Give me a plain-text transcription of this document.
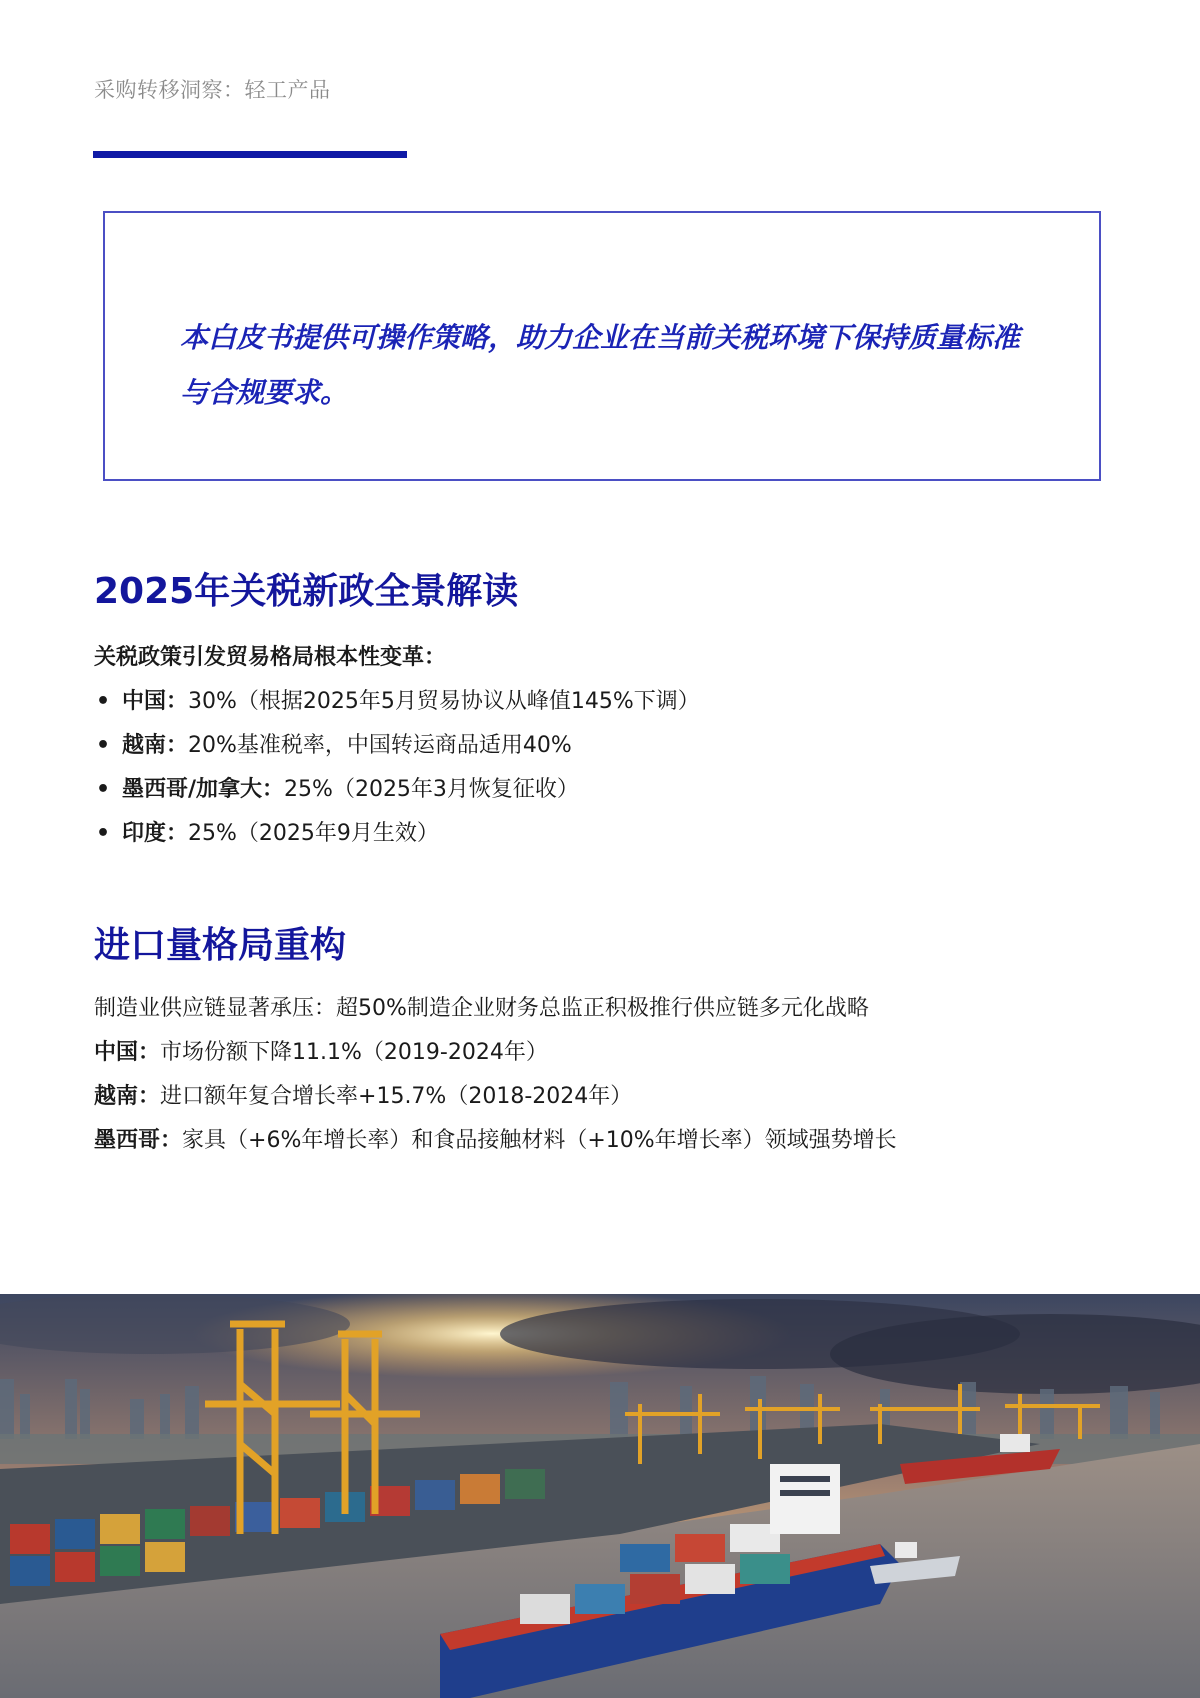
采购转移洞察：轻工产品

本白皮书提供可操作策略，助力企业在当前关税环境下保持质量标准与合规要求。

2025年关税新政全景解读

关税政策引发贸易格局根本性变革：

• 中国：30%（根据2025年5月贸易协议从峰值145%下调）
• 越南：20%基准税率，中国转运商品适用40%
• 墨西哥/加拿大：25%（2025年3月恢复征收）
• 印度：25%（2025年9月生效）
进口量格局重构

制造业供应链显著承压：超50%制造企业财务总监正积极推行供应链多元化战略

中国：市场份额下降11.1%（2019-2024年）

越南：进口额年复合增长率+15.7%（2018-2024年）

墨西哥：家具（+6%年增长率）和食品接触材料（+10%年增长率）领域强势增长
